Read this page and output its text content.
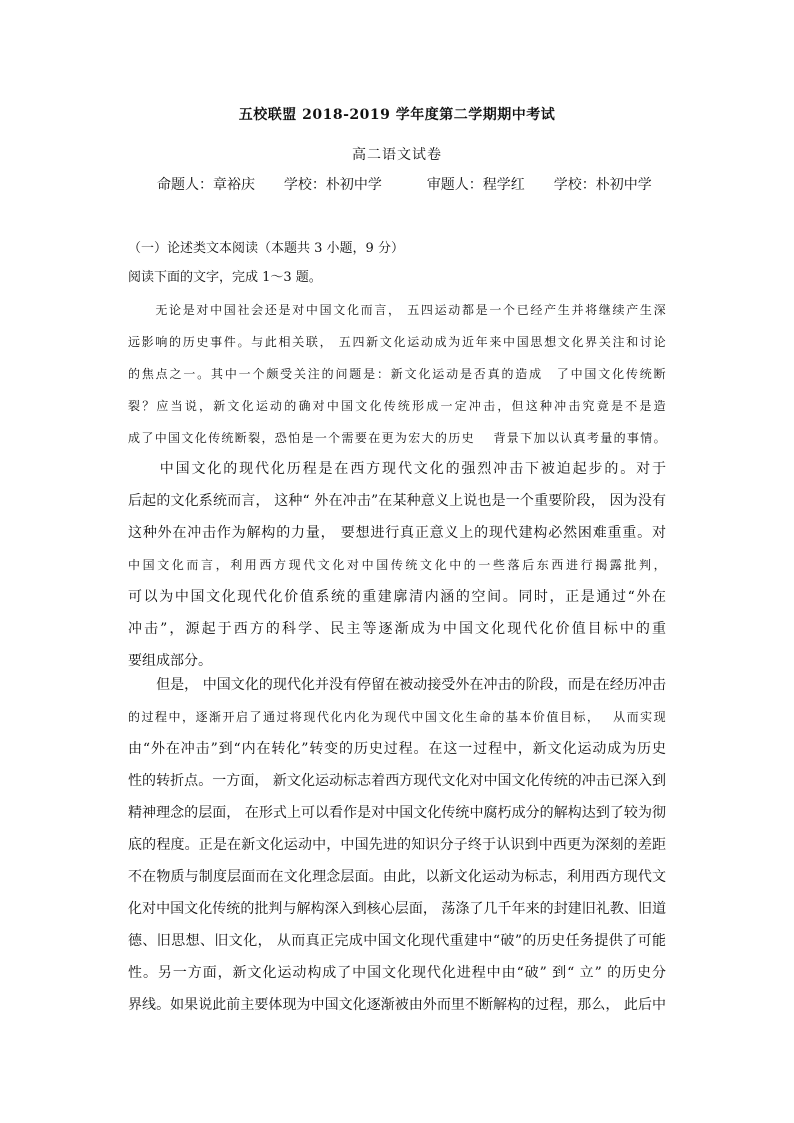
五校联盟 2018-2019 学年度第二学期期中考试
高二语文试卷
命题人：章裕庆 学校：朴初中学	审题人：程学红 学校：朴初中学
（一）论述类文本阅读（本题共 3 小题，9 分）
阅读下面的文字，完成 1～3 题。
　　无论是对中国社会还是对中国文化而言， 五四运动都是一个已经产生并将继续产生深
远影响的历史事件。与此相关联， 五四新文化运动成为近年来中国思想文化界关注和讨论
的焦点之一。其中一个颇受关注的问题是：新文化运动是否真的造成　了中国文化传统断
裂？应当说，新文化运动的确对中国文化传统形成一定冲击，但这种冲击究竟是不是造
成了中国文化传统断裂，恐怕是一个需要在更为宏大的历史　 背景下加以认真考量的事情。
　　中国文化的现代化历程是在西方现代文化的强烈冲击下被迫起步的。对于
后起的文化系统而言， 这种“ 外在冲击”在某种意义上说也是一个重要阶段， 因为没有
这种外在冲击作为解构的力量， 要想进行真正意义上的现代建构必然困难重重。对
中国文化而言，利用西方现代文化对中国传统文化中的一些落后东西进行揭露批判，
可以为中国文化现代化价值系统的重建廓清内涵的空间。同时，正是通过“外在
冲击”，源起于西方的科学、民主等逐渐成为中国文化现代化价值目标中的重
要组成部分。
　　但是， 中国文化的现代化并没有停留在被动接受外在冲击的阶段，而是在经历冲击
的过程中，逐渐开启了通过将现代化内化为现代中国文化生命的基本价值目标，　 从而实现
由“外在冲击”到“内在转化”转变的历史过程。在这一过程中，新文化运动成为历史
性的转折点。一方面， 新文化运动标志着西方现代文化对中国文化传统的冲击已深入到
精神理念的层面， 在形式上可以看作是对中国文化传统中腐朽成分的解构达到了较为彻
底的程度。正是在新文化运动中，中国先进的知识分子终于认识到中西更为深刻的差距
不在物质与制度层面而在文化理念层面。由此，以新文化运动为标志，利用西方现代文
化对中国文化传统的批判与解构深入到核心层面， 荡涤了几千年来的封建旧礼教、旧道
德、旧思想、旧文化， 从而真正完成中国文化现代重建中“破”的历史任务提供了可能
性。另一方面，新文化运动构成了中国文化现代化进程中由“破” 到“ 立” 的历史分
界线。如果说此前主要体现为中国文化逐渐被由外而里不断解构的过程，那么， 此后中
